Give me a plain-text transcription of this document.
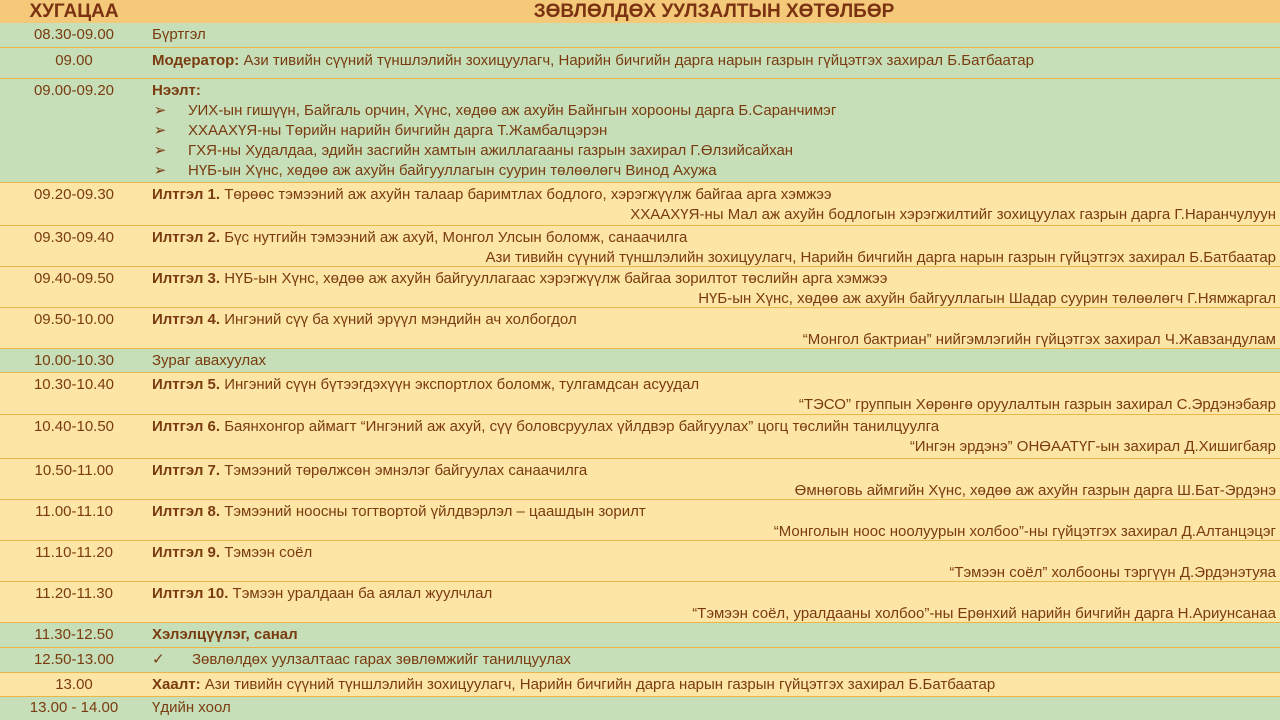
ХУГАЦАА	ЗӨВЛӨЛДӨХ УУЛЗАЛТЫН ХӨТӨЛБӨР
08.30-09.00	Бүртгэл
09.00	Модератор: Ази тивийн сүүний түншлэлийн зохицуулагч, Нарийн бичгийн дарга нарын газрын гүйцэтгэх захирал Б.Батбаатар
09.00-09.20	Нээлт:
➢ УИХ-ын гишүүн, Байгаль орчин, Хүнс, хөдөө аж ахуйн Байнгын хорооны дарга Б.Саранчимэг
➢ ХХААХҮЯ-ны Төрийн нарийн бичгийн дарга Т.Жамбалцэрэн
➢ ГХЯ-ны Худалдаа, эдийн засгийн хамтын ажиллагааны газрын захирал Г.Өлзийсайхан
➢ НҮБ-ын Хүнс, хөдөө аж ахуйн байгууллагын суурин төлөөлөгч Винод Ахужа
09.20-09.30	Илтгэл 1. Төрөөс тэмээний аж ахуйн талаар баримтлах бодлого, хэрэгжүүлж байгаа арга хэмжээ
ХХААХҮЯ-ны Мал аж ахуйн бодлогын хэрэгжилтийг зохицуулах газрын дарга Г.Наранчулуун
09.30-09.40	Илтгэл 2. Бүс нутгийн тэмээний аж ахуй, Монгол Улсын боломж, санаачилга
Ази тивийн сүүний түншлэлийн зохицуулагч, Нарийн бичгийн дарга нарын газрын гүйцэтгэх захирал Б.Батбаатар
09.40-09.50	Илтгэл 3. НҮБ-ын Хүнс, хөдөө аж ахуйн байгууллагаас хэрэгжүүлж байгаа зорилтот төслийн арга хэмжээ
НҮБ-ын Хүнс, хөдөө аж ахуйн байгууллагын Шадар суурин төлөөлөгч Г.Нямжаргал
09.50-10.00	Илтгэл 4. Ингэний сүү ба хүний эрүүл мэндийн ач холбогдол
“Монгол бактриан” нийгэмлэгийн гүйцэтгэх захирал Ч.Жавзандулам
10.00-10.30	Зураг авахуулах
10.30-10.40	Илтгэл 5. Ингэний сүүн бүтээгдэхүүн экспортлох боломж, тулгамдсан асуудал
“ТЭСО” группын Хөрөнгө оруулалтын газрын захирал С.Эрдэнэбаяр
10.40-10.50	Илтгэл 6. Баянхонгор аймагт “Ингэний аж ахуй, сүү боловсруулах үйлдвэр байгуулах” цогц төслийн танилцуулга
“Ингэн эрдэнэ” ОНӨААТҮГ-ын захирал Д.Хишигбаяр
10.50-11.00	Илтгэл 7. Тэмээний төрөлжсөн эмнэлэг байгуулах санаачилга
Өмнөговь аймгийн Хүнс, хөдөө аж ахуйн газрын дарга Ш.Бат-Эрдэнэ
11.00-11.10	Илтгэл 8. Тэмээний ноосны тогтвортой үйлдвэрлэл – цаашдын зорилт
“Монголын ноос ноолуурын холбоо”-ны гүйцэтгэх захирал Д.Алтанцэцэг
11.10-11.20	Илтгэл 9. Тэмээн соёл
“Тэмээн соёл” холбооны тэргүүн Д.Эрдэнэтуяа
11.20-11.30	Илтгэл 10. Тэмээн уралдаан ба аялал жуулчлал
“Тэмээн соёл, уралдааны холбоо”-ны Ерөнхий нарийн бичгийн дарга Н.Ариунсанаа
11.30-12.50	Хэлэлцүүлэг, санал
12.50-13.00	✓ Зөвлөлдөх уулзалтаас гарах зөвлөмжийг танилцуулах
13.00	Хаалт: Ази тивийн сүүний түншлэлийн зохицуулагч, Нарийн бичгийн дарга нарын газрын гүйцэтгэх захирал Б.Батбаатар
13.00 - 14.00	Үдийн хоол
